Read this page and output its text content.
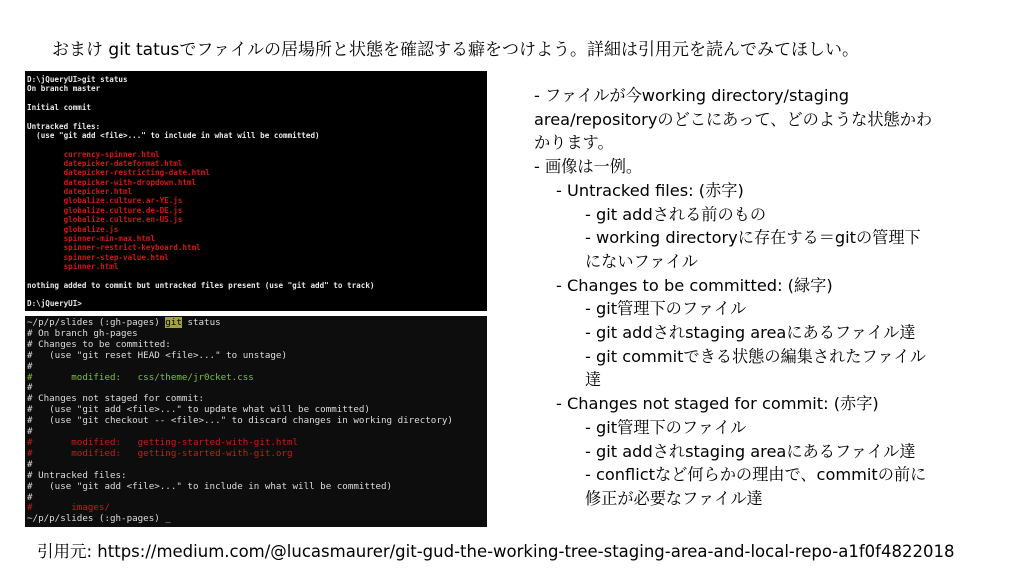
おまけ git tatusでファイルの居場所と状態を確認する癖をつけよう。詳細は引用元を読んでみてほしい。
D:\jQueryUI>git status
On branch master
Initial commit
Untracked files:
(use "git add <file>..." to include in what will be committed)
currency-spinner.html
datepicker-dateformat.html
datepicker-restricting-date.html
datepicker-with-dropdown.html
datepicker.html
globalize.culture.ar-YE.js
globalize.culture.de-DE.js
globalize.culture.en-US.js
globalize.js
spinner-min-max.html
spinner-restrict-keyboard.html
spinner-step-value.html
spinner.html
nothing added to commit but untracked files present (use "git add" to track)
D:\jQueryUI>
~/p/p/slides (:gh-pages) git status
# On branch gh-pages
# Changes to be committed:
#   (use "git reset HEAD <file>..." to unstage)
#
#       modified:   css/theme/jr0cket.css
#
# Changes not staged for commit:
#   (use "git add <file>..." to update what will be committed)
#   (use "git checkout -- <file>..." to discard changes in working directory)
#
#       modified:   getting-started-with-git.html
#       modified:   getting-started-with-git.org
#
# Untracked files:
#   (use "git add <file>..." to include in what will be committed)
#
#       images/
~/p/p/slides (:gh-pages) _
- ファイルが今working directory/staging
area/repositoryのどこにあって、どのような状態かわ
かります。
- 画像は一例。
- Untracked files: (赤字)
- git addされる前のもの
- working directoryに存在する＝gitの管理下
にないファイル
- Changes to be committed: (緑字)
- git管理下のファイル
- git addされstaging areaにあるファイル達
- git commitできる状態の編集されたファイル
達
- Changes not staged for commit: (赤字)
- git管理下のファイル
- git addされstaging areaにあるファイル達
- conflictなど何らかの理由で、commitの前に
修正が必要なファイル達
引用元: https://medium.com/@lucasmaurer/git-gud-the-working-tree-staging-area-and-local-repo-a1f0f4822018
